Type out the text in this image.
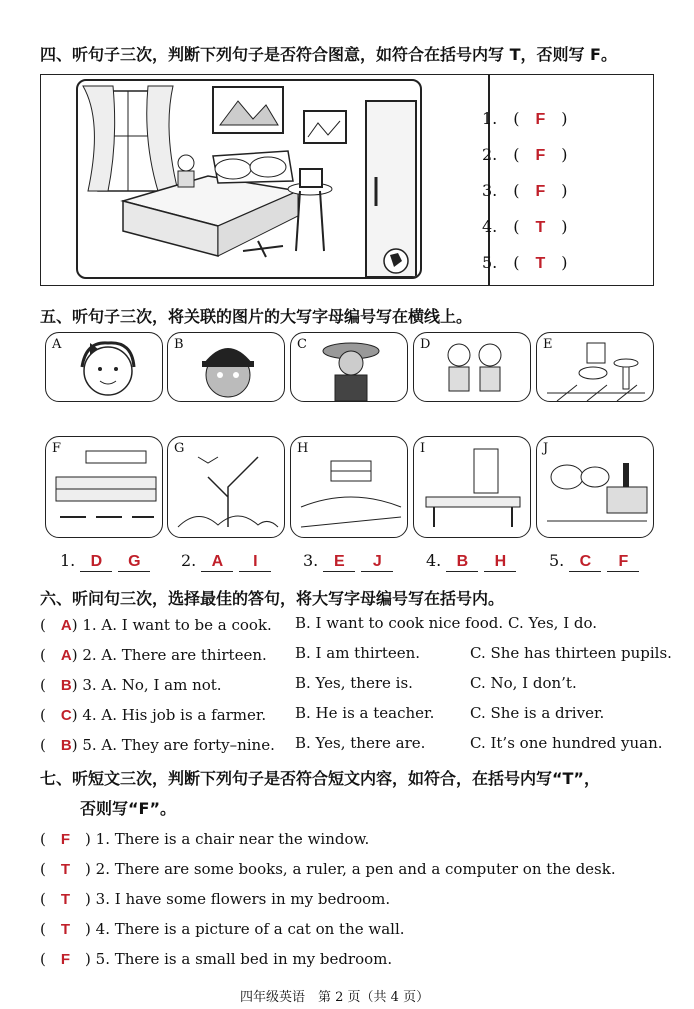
四、听句子三次，判断下列句子是否符合图意，如符合在括号内写 T，否则写 F。
1.　(　F　)
2.　(　F　)
3.　(　F　)
4.　(　T　)
5.　(　T　)
五、听句子三次，将关联的图片的大写字母编号写在横线上。
A	B	C	D	E
F	G	H	I	J
1. D G	2. A I	3. E J	4. B H	5. C F
六、听问句三次，选择最佳的答句，将大写字母编号写在括号内。
(　A) 1. A. I want to be a cook. B. I want to cook nice food. C. Yes, I do.
(　A) 2. A. There are thirteen. B. I am thirteen.	C. She has thirteen pupils.
(　B) 3. A. No, I am not.	B. Yes, there is.	C. No, I don’t.
(　C) 4. A. His job is a farmer. B. He is a teacher. C. She is a driver.
(　B) 5. A. They are forty–nine. B. Yes, there are.	C. It’s one hundred yuan.
七、听短文三次，判断下列句子是否符合短文内容，如符合，在括号内写“T”，
否则写“F”。
(　F　 ) 1. There is a chair near the window.
(　T　 ) 2. There are some books, a ruler, a pen and a computer on the desk.
(　T　 ) 3. I have some flowers in my bedroom.
(　T　 ) 4. There is a picture of a cat on the wall.
(　F　 ) 5. There is a small bed in my bedroom.
四年级英语　第 2 页（共 4 页）
